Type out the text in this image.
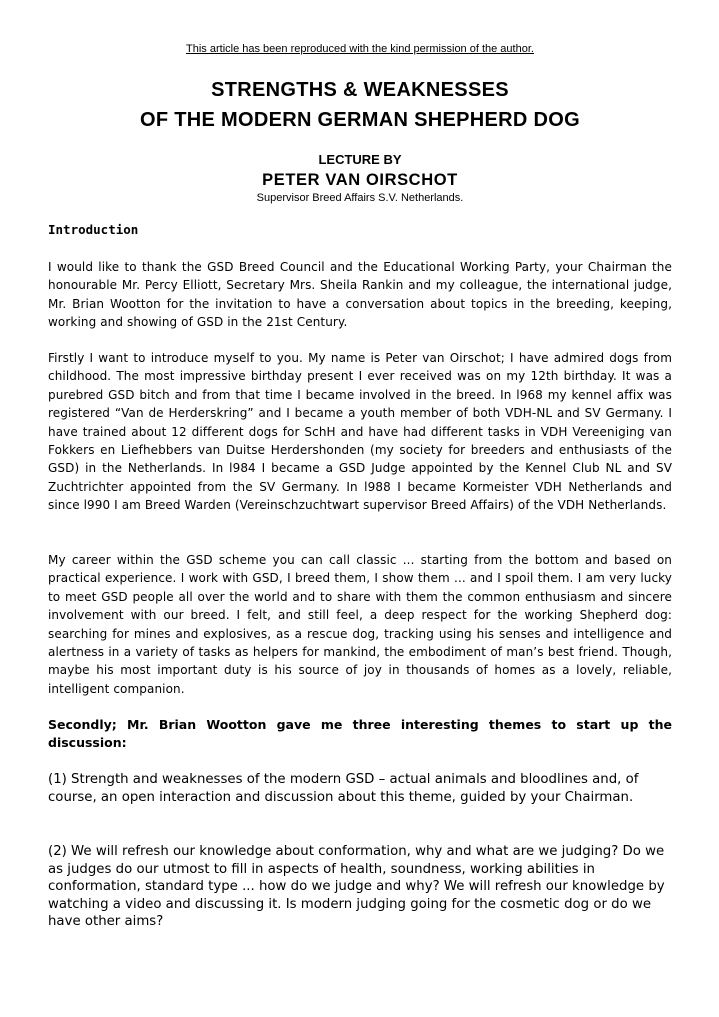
This article has been reproduced with the kind permission of the author.
STRENGTHS & WEAKNESSES
OF THE MODERN GERMAN SHEPHERD DOG
LECTURE BY
PETER VAN OIRSCHOT
Supervisor Breed Affairs S.V. Netherlands.
Introduction

I would like to thank the GSD Breed Council and the Educational Working Party, your Chairman the honourable Mr. Percy Elliott, Secretary Mrs. Sheila Rankin and my colleague, the international judge, Mr. Brian Wootton for the invitation to have a conversation about topics in the breeding, keeping, working and showing of GSD in the 21st Century.

Firstly I want to introduce myself to you. My name is Peter van Oirschot; I have admired dogs from childhood. The most impressive birthday present I ever received was on my 12th birthday. It was a purebred GSD bitch and from that time I became involved in the breed. In l968 my kennel affix was registered “Van de Herderskring” and I became a youth member of both VDH-NL and SV Germany. I have trained about 12 different dogs for SchH and have had different tasks in VDH Vereeniging van Fokkers en Liefhebbers van Duitse Herdershonden (my society for breeders and enthusiasts of the GSD) in the Netherlands. In l984 I became a GSD Judge appointed by the Kennel Club NL and SV Zuchtrichter appointed from the SV Germany. In l988 I became Kormeister VDH Netherlands and since l990 I am Breed Warden (Vereinschzuchtwart supervisor Breed Affairs) of the VDH Netherlands.

My career within the GSD scheme you can call classic ... starting from the bottom and based on practical experience. I work with GSD, I breed them, I show them ... and I spoil them. I am very lucky to meet GSD people all over the world and to share with them the common enthusiasm and sincere involvement with our breed. I felt, and still feel, a deep respect for the working Shepherd dog: searching for mines and explosives, as a rescue dog, tracking using his senses and intelligence and alertness in a variety of tasks as helpers for mankind, the embodiment of man’s best friend. Though, maybe his most important duty is his source of joy in thousands of homes as a lovely, reliable, intelligent companion.

Secondly; Mr. Brian Wootton gave me three interesting themes to start up the discussion:

(1) Strength and weaknesses of the modern GSD – actual animals and bloodlines and, of course, an open interaction and discussion about this theme, guided by your Chairman.

(2) We will refresh our knowledge about conformation, why and what are we judging? Do we as judges do our utmost to fill in aspects of health, soundness, working abilities in conformation, standard type ... how do we judge and why? We will refresh our knowledge by watching a video and discussing it. Is modern judging going for the cosmetic dog or do we have other aims?
